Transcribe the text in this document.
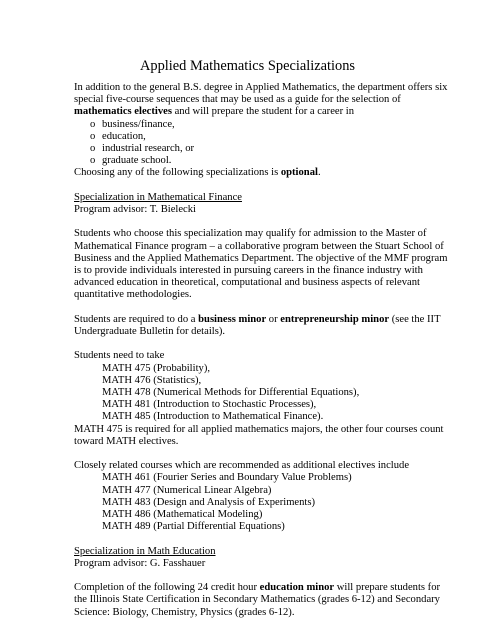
Applied Mathematics Specializations

In addition to the general B.S. degree in Applied Mathematics, the department offers six

special five-course sequences that may be used as a guide for the selection of

mathematics electives and will prepare the student for a career in

o business/finance,

o education,

o industrial research, or

o graduate school.

Choosing any of the following specializations is optional.

Specialization in Mathematical Finance

Program advisor: T. Bielecki

Students who choose this specialization may qualify for admission to the Master of

Mathematical Finance program – a collaborative program between the Stuart School of

Business and the Applied Mathematics Department. The objective of the MMF program

is to provide individuals interested in pursuing careers in the finance industry with

advanced education in theoretical, computational and business aspects of relevant

quantitative methodologies.

Students are required to do a business minor or entrepreneurship minor (see the IIT

Undergraduate Bulletin for details).

Students need to take

MATH 475 (Probability),

MATH 476 (Statistics),

MATH 478 (Numerical Methods for Differential Equations),

MATH 481 (Introduction to Stochastic Processes),

MATH 485 (Introduction to Mathematical Finance).

MATH 475 is required for all applied mathematics majors, the other four courses count

toward MATH electives.

Closely related courses which are recommended as additional electives include

MATH 461 (Fourier Series and Boundary Value Problems)

MATH 477 (Numerical Linear Algebra)

MATH 483 (Design and Analysis of Experiments)

MATH 486 (Mathematical Modeling)

MATH 489 (Partial Differential Equations)

Specialization in Math Education

Program advisor: G. Fasshauer

Completion of the following 24 credit hour education minor will prepare students for

the Illinois State Certification in Secondary Mathematics (grades 6-12) and Secondary

Science: Biology, Chemistry, Physics (grades 6-12).
